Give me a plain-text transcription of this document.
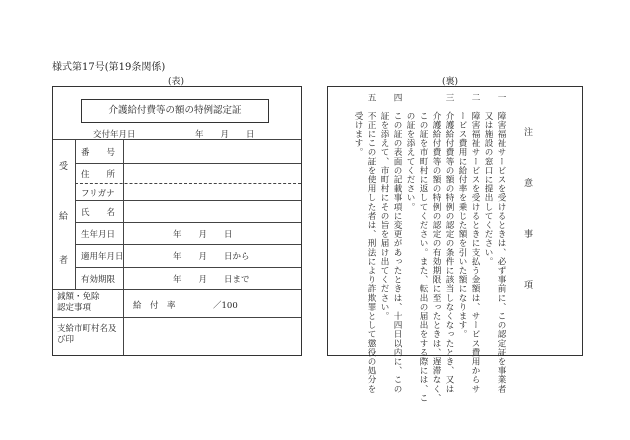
様式第17号(第19条関係)
(表)	(裏)
介護給付費等の額の特例認定証
交付年月日　　　　　　　年　　月　　日
受
給
者
番　　号
住　　所
フリガナ
氏　　名
生年月日	年　　月　　日
適用年月日	年　　月　　日から
有効期限	年　　月　　日まで
減額・免除
認定事項	給　付　率	／100
支給市町村名及
び印
注　　意　　事　　項
一　障害福祉サービスを受けるときは、必ず事前に、この認定証を事業者
　　又は施設の窓口に提出してください。
二　障害福祉サービスを受けるときに支払う金額は、サービス費用からサ
　　ービス費用に給付率を乗じた額を引いた額になります。
三　介護給付費等の額の特例の認定の条件に該当しなくなったとき、又は
　　介護給付費等の額の特例の認定の有効期限に至ったときは、遅滞なく、
　　この証を市町村に返してください。また、転出の届出をする際には、こ
　　の証を添えてください。
四　この証の表面の記載事項に変更があったときは、十四日以内に、この
　　証を添えて、市町村にその旨を届け出てください。
五　不正にこの証を使用した者は、刑法により詐欺罪として懲役の処分を
　　受けます。
